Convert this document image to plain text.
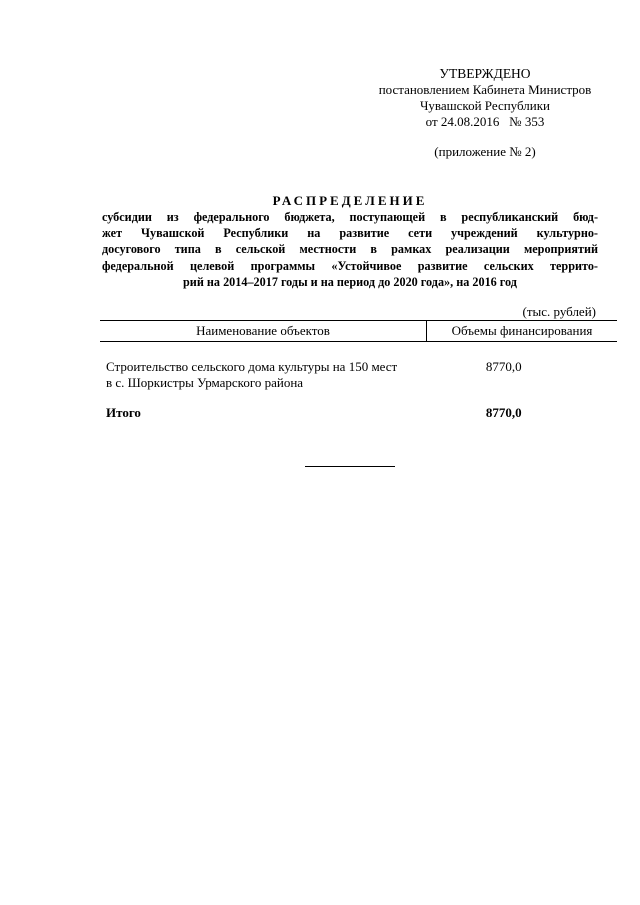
УТВЕРЖДЕНО
постановлением Кабинета Министров
Чувашской Республики
от 24.08.2016 № 353
(приложение № 2)
РАСПРЕДЕЛЕНИЕ
субсидии из федерального бюджета, поступающей в республиканский бюд-
жет Чувашской Республики на развитие сети учреждений культурно-
досугового типа в сельской местности в рамках реализации мероприятий
федеральной целевой программы «Устойчивое развитие сельских террито-
рий на 2014–2017 годы и на период до 2020 года», на 2016 год
(тыс. рублей)
Наименование объектов	Объемы финансирования

Строительство сельского дома культуры на 150 мест
в с. Шоркистры Урмарского района	8770,0

Итого	8770,0
